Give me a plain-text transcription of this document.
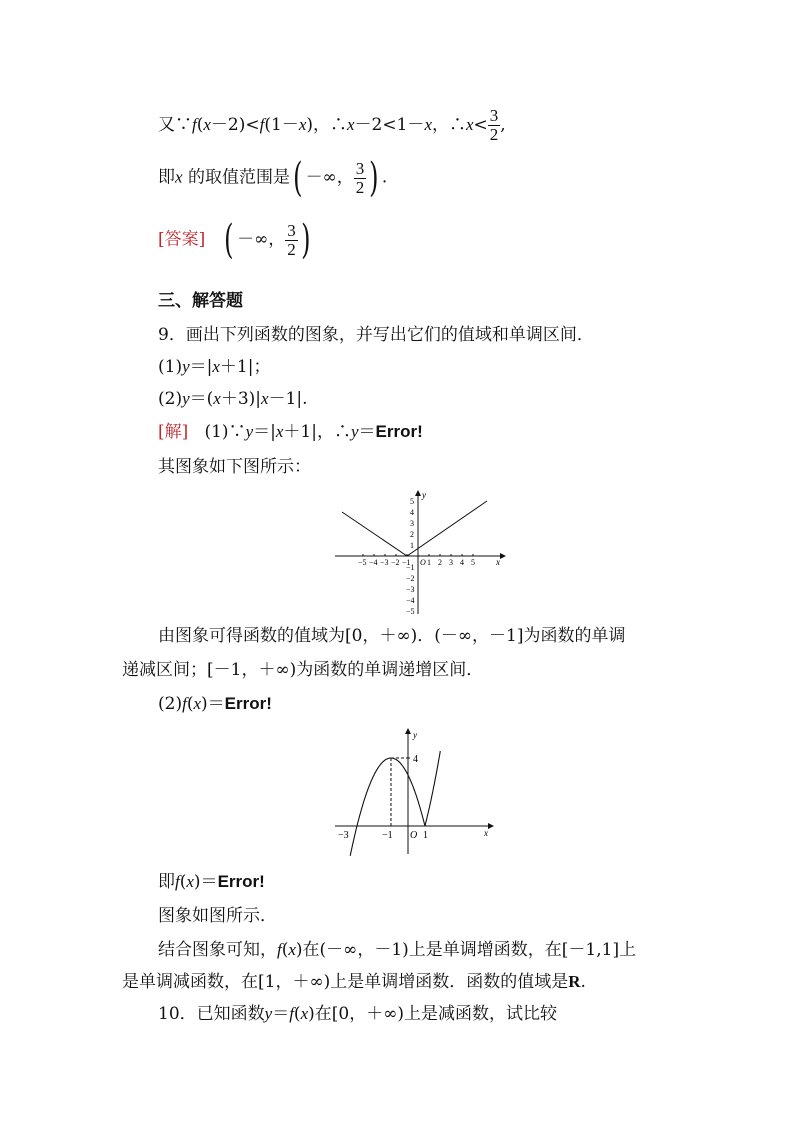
又∵f(x－2)<f(1－x)，∴x－2<1－x，∴x< $\frac{3}{2}$ ,
即x 的取值范围是( －∞， $\frac{3}{2}$ ) .
[答案] ( －∞， $\frac{3}{2}$ )
三、解答题
9．画出下列函数的图象，并写出它们的值域和单调区间．
(1)y＝|x＋1|；
(2)y＝(x＋3)|x－1|.
[解] (1)∵y＝|x＋1|，∴y＝Error!
其图象如下图所示：
y
x
−5 −4 −3 −2 −1 O 1 2 3 4 5
5
4
3
2
1
−1
−2
−3
−4
−5
由图象可得函数的值域为[0，＋∞)．(－∞，－1]为函数的单调
递减区间；[－1，＋∞)为函数的单调递增区间．
(2)f(x)＝Error!
y
x
4
−3	−1 O 1
即f(x)＝Error!
图象如图所示．
结合图象可知，f(x)在(－∞，－1)上是单调增函数，在[－1,1]上
是单调减函数，在[1，＋∞)上是单调增函数．函数的值域是R.
10．已知函数y＝f(x)在[0，＋∞)上是减函数，试比较
